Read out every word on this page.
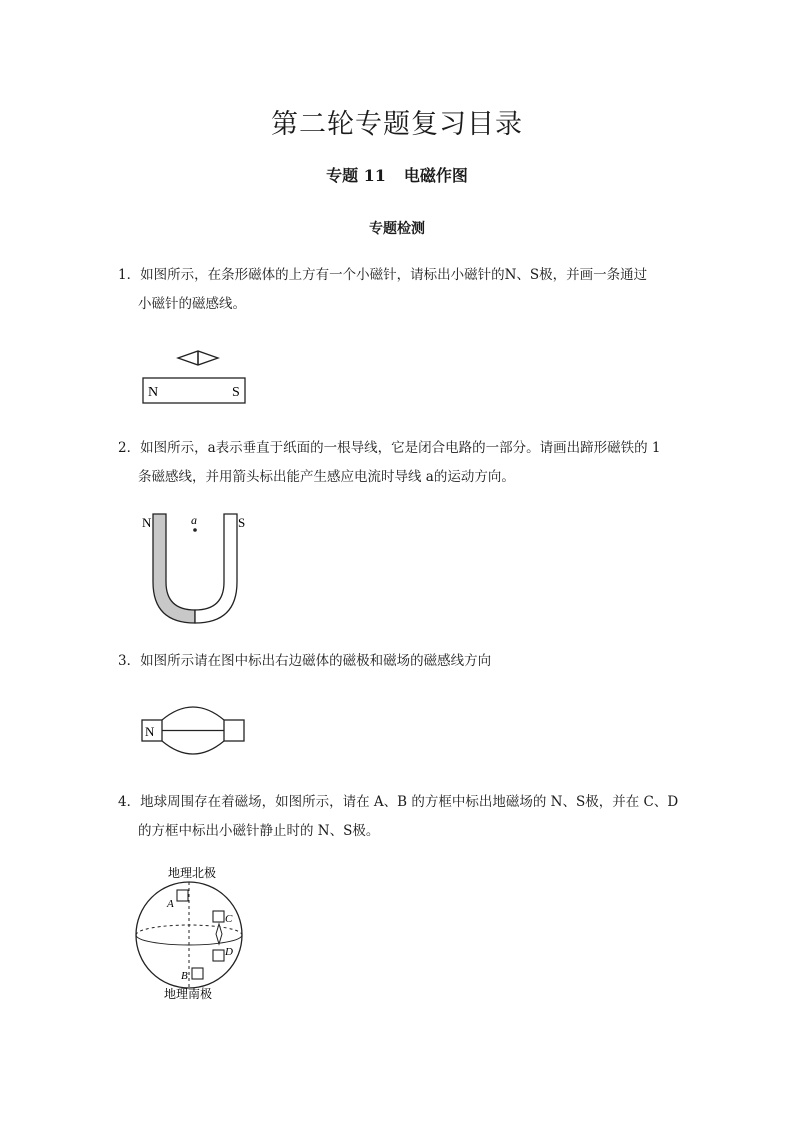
第二轮专题复习目录
专题 11 电磁作图
专题检测
1．如图所示，在条形磁体的上方有一个小磁针，请标出小磁针的N、S极，并画一条通过
小磁针的磁感线。
N	S
2．如图所示，a表示垂直于纸面的一根导线，它是闭合电路的一部分。请画出蹄形磁铁的 1
条磁感线，并用箭头标出能产生感应电流时导线 a的运动方向。
N	S
a
3．如图所示请在图中标出右边磁体的磁极和磁场的磁感线方向
N
4．地球周围存在着磁场，如图所示，请在 A、B 的方框中标出地磁场的 N、S极，并在 C、D
的方框中标出小磁针静止时的 N、S极。
地理北极
A
C
D
B
地理南极
